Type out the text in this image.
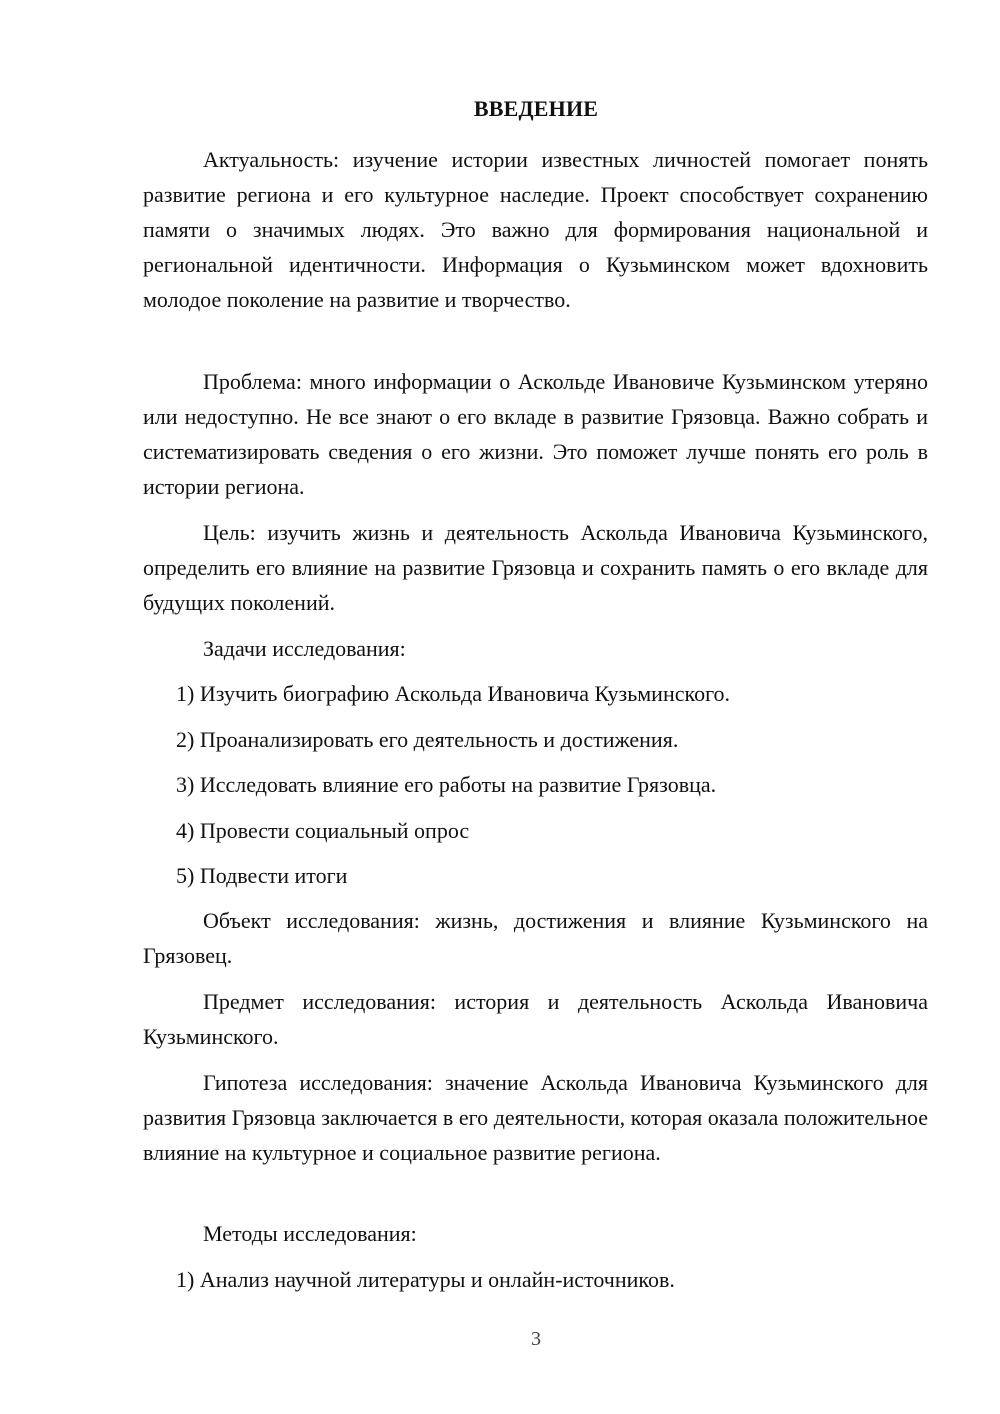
ВВЕДЕНИЕ

Актуальность: изучение истории известных личностей помогает понять развитие региона и его культурное наследие. Проект способствует сохранению памяти о значимых людях. Это важно для формирования национальной и региональной идентичности. Информация о Кузьминском может вдохновить молодое поколение на развитие и творчество.

Проблема: много информации о Аскольде Ивановиче Кузьминском утеряно или недоступно. Не все знают о его вкладе в развитие Грязовца. Важно собрать и систематизировать сведения о его жизни. Это поможет лучше понять его роль в истории региона.

Цель: изучить жизнь и деятельность Аскольда Ивановича Кузьминского, определить его влияние на развитие Грязовца и сохранить память о его вкладе для будущих поколений.

Задачи исследования:
1) Изучить биографию Аскольда Ивановича Кузьминского.
2) Проанализировать его деятельность и достижения.
3) Исследовать влияние его работы на развитие Грязовца.
4) Провести социальный опрос
5) Подвести итоги

Объект исследования: жизнь, достижения и влияние Кузьминского на Грязовец.

Предмет исследования: история и деятельность Аскольда Ивановича Кузьминского.

Гипотеза исследования: значение Аскольда Ивановича Кузьминского для развития Грязовца заключается в его деятельности, которая оказала положительное влияние на культурное и социальное развитие региона.

Методы исследования:
1) Анализ научной литературы и онлайн-источников.
3
